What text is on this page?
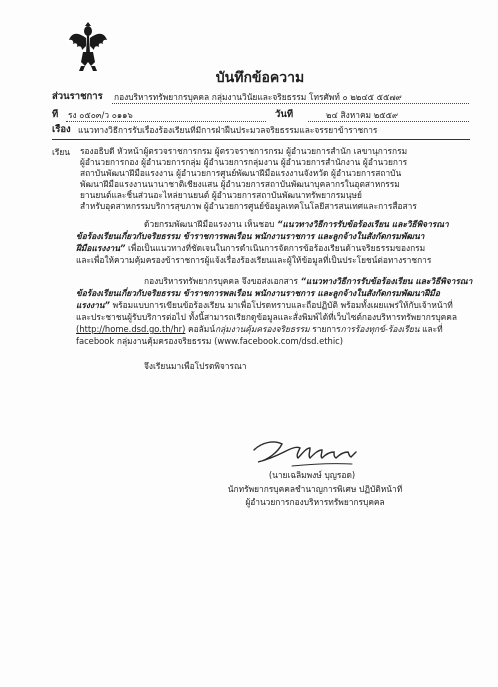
บันทึกข้อความ
ส่วนราชการ	กองบริหารทรัพยากรบุคคล กลุ่มงานวินัยและจริยธรรม โทรศัพท์ ๐ ๒๒๔๕ ๕๕๗๙
ที่	รง ๐๕๐๓/ว ๐๑๑๖	วันที่	๒๔ สิงหาคม ๒๕๕๙
เรื่อง แนวทางวิธีการรับเรื่องร้องเรียนที่มีการฝ่าฝืนประมวลจริยธรรมและจรรยาข้าราชการ
เรียน	รองอธิบดี หัวหน้าผู้ตรวจราชการกรม ผู้ตรวจราชการกรม ผู้อำนวยการสำนัก เลขานุการกรม
ผู้อำนวยการกอง ผู้อำนวยการกลุ่ม ผู้อำนวยการกลุ่มงาน ผู้อำนวยการสำนักงาน ผู้อำนวยการ
สถาบันพัฒนาฝีมือแรงงาน ผู้อำนวยการศูนย์พัฒนาฝีมือแรงงานจังหวัด ผู้อำนวยการสถาบัน
พัฒนาฝีมือแรงงานนานาชาติเชียงแสน ผู้อำนวยการสถาบันพัฒนาบุคลากรในอุตสาหกรรม
ยานยนต์และชิ้นส่วนอะไหล่ยานยนต์ ผู้อำนวยการสถาบันพัฒนาทรัพยากรมนุษย์
สำหรับอุตสาหกรรมบริการสุขภาพ ผู้อำนวยการศูนย์ข้อมูลเทคโนโลยีสารสนเทศและการสื่อสาร
ด้วยกรมพัฒนาฝีมือแรงงาน เห็นชอบ “แนวทางวิธีการรับข้อร้องเรียน และวิธีพิจารณา
ข้อร้องเรียนเกี่ยวกับจริยธรรม ข้าราชการพลเรือน พนักงานราชการ และลูกจ้างในสังกัดกรมพัฒนา
ฝีมือแรงงาน” เพื่อเป็นแนวทางที่ชัดเจนในการดำเนินการจัดการข้อร้องเรียนด้านจริยธรรมของกรม
และเพื่อให้ความคุ้มครองข้าราชการผู้แจ้งเรื่องร้องเรียนและผู้ให้ข้อมูลที่เป็นประโยชน์ต่อทางราชการ
กองบริหารทรัพยากรบุคคล จึงขอส่งเอกสาร “แนวทางวิธีการรับข้อร้องเรียน และวิธีพิจารณา
ข้อร้องเรียนเกี่ยวกับจริยธรรม ข้าราชการพลเรือน พนักงานราชการ และลูกจ้างในสังกัดกรมพัฒนาฝีมือ
แรงงาน” พร้อมแบบการเขียนข้อร้องเรียน มาเพื่อโปรดทราบและถือปฏิบัติ พร้อมทั้งเผยแพร่ให้กับเจ้าหน้าที่
และประชาชนผู้รับบริการต่อไป ทั้งนี้สามารถเรียกดูข้อมูลและสั่งพิมพ์ได้ที่เว็บไซต์กองบริหารทรัพยากรบุคคล
(http://home.dsd.go.th/hr) คอลัมน์กลุ่มงานคุ้มครองจริยธรรม รายการการร้องทุกข์-ร้องเรียน และที่
facebook กลุ่มงานคุ้มครองจริยธรรม (www.facebook.com/dsd.ethic)
จึงเรียนมาเพื่อโปรดพิจารณา
(นายเฉลิมพงษ์ บุญรอด)
นักทรัพยากรบุคคลชำนาญการพิเศษ ปฏิบัติหน้าที่
ผู้อำนวยการกองบริหารทรัพยากรบุคคล
